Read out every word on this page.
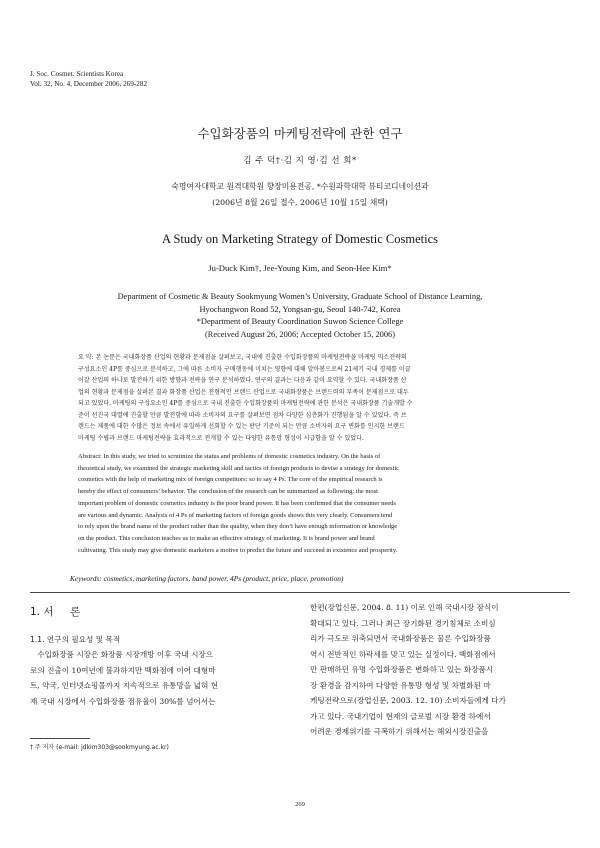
J. Soc. Cosmet. Scientists Korea
Vol. 32, No. 4, December 2006, 269-282
수입화장품의 마케팅전략에 관한 연구
김 주 덕†·김 지 영·김 선 희*
숙명여자대학교 원격대학원 향장미용전공, *수원과학대학 뷰티코디네이션과
(2006년 8월 26일 접수, 2006년 10월 15일 채택)
A Study on Marketing Strategy of Domestic Cosmetics
Ju-Duck Kim†, Jee-Young Kim, and Seon-Hee Kim*
Department of Cosmetic & Beauty Sookmyung Women’s University, Graduate School of Distance Learning,
Hyochangwon Road 52, Yongsan-gu, Seoul 140-742, Korea
*Department of Beauty Coordination Suwon Science College
(Received August 26, 2006; Accepted October 15, 2006)
요 약: 본 논문은 국내화장품 산업의 현황과 문제점을 살펴보고, 국내에 진출한 수입화장품의 마케팅전략을 마케팅 믹스전략의
구성요소인 4P를 중심으로 분석하고, 그에 따른 소비자 구매행동에 미치는 영향에 대해 알아봄으로써 21세기 국내 경제를 이끌
어갈 산업의 하나로 발전하기 위한 방향과 전략을 연구 분석하였다. 연구의 결과는 다음과 같이 요약할 수 있다. 국내화장품 산
업의 현황과 문제점을 살펴본 결과 화장품 산업은 전형적인 브랜드 산업으로 국내화장품은 브랜드력의 부족이 문제점으로 대두
되고 있었다. 마케팅의 구성요소인 4P를 중심으로 국내 진출한 수입화장품의 마케팅전략에 관한 분석은 국내화장품 기술개발 수
준이 선진국 대열에 진출할 만큼 발전함에 따라 소비자의 요구를 살펴보면 점차 다양한 심층화가 진행됨을 알 수 있었다. 즉 브
랜드는 제품에 대한 수많은 정보 속에서 유일하게 선회할 수 있는 판단 기준이 되는 만큼 소비자의 요구 변화를 인지한 브랜드
마케팅 수립과 브랜드 마케팅전략을 효과적으로 전개할 수 있는 다양한 유통망 형성이 시급함을 알 수 있었다.
Abstract: In this study, we tried to scrutinize the status and problems of domestic cosmetics industry. On the basis of
theoretical study, we examined the strategic marketing skill and tactics of foreign products to devise a strategy for domestic
cosmetics with the help of marketing mix of foreign competitors: so to say 4 Ps. The core of the empirical research is
hereby the effect of consumers’ behavior. The conclusion of the research can be summarized as following: the most
important problem of domestic cosmetics industry is the poor brand power. It has been confirmed that the consumer needs
are various and dynamic. Analysis of 4 Ps of marketing factors of foreign goods shows this very clearly. Consumers tend
to rely upon the brand name of the product rather than the quality, when they don’t have enough information or knowledge
on the product. This conclusion teaches us to make an effective strategy of marketing. It is brand power and brand
cultivating. This study may give domestic marketers a motive to predict the future and succeed in existence and prosperity.
Keywords: cosmetics, marketing factors, band power, 4Ps (product, price, place, promotion)
1. 서     론
1.1. 연구의 필요성 및 목적
수입화장품 시장은 화장품 시장개방 이후 국내 시장으
로의 진출이 10여년에 불과하지만 백화점에 이어 대형마
트, 약국, 인터넷쇼핑몰까지 지속적으로 유통망을 넓혀 현
재 국내 시장에서 수입화장품 점유율이 30%를 넘어서는
한편(장업신문, 2004. 8. 11) 이로 인해 국내시장 잠식이
확대되고 있다. 그러나 최근 장기화된 경기침체로 소비심
리가 극도로 위축되면서 국내화장품은 물론 수입화장품
역시 전반적인 하락세를 맞고 있는 실정이다. 백화점에서
만 판매하던 유명 수입화장품은 변화하고 있는 화장품시
장 환경을 감지하여 다양한 유통망 형성 및 차별화된 마
케팅전략으로(장업신문, 2003. 12. 10) 소비자들에게 다가
가고 있다. 국내기업이 현재의 글로벌 시장 환경 하에서
어려운 경제위기를 극복하기 위해서는 해외시장진출을
† 주 저자 (e-mail: jdkim303@sookmyung.ac.kr)
269
